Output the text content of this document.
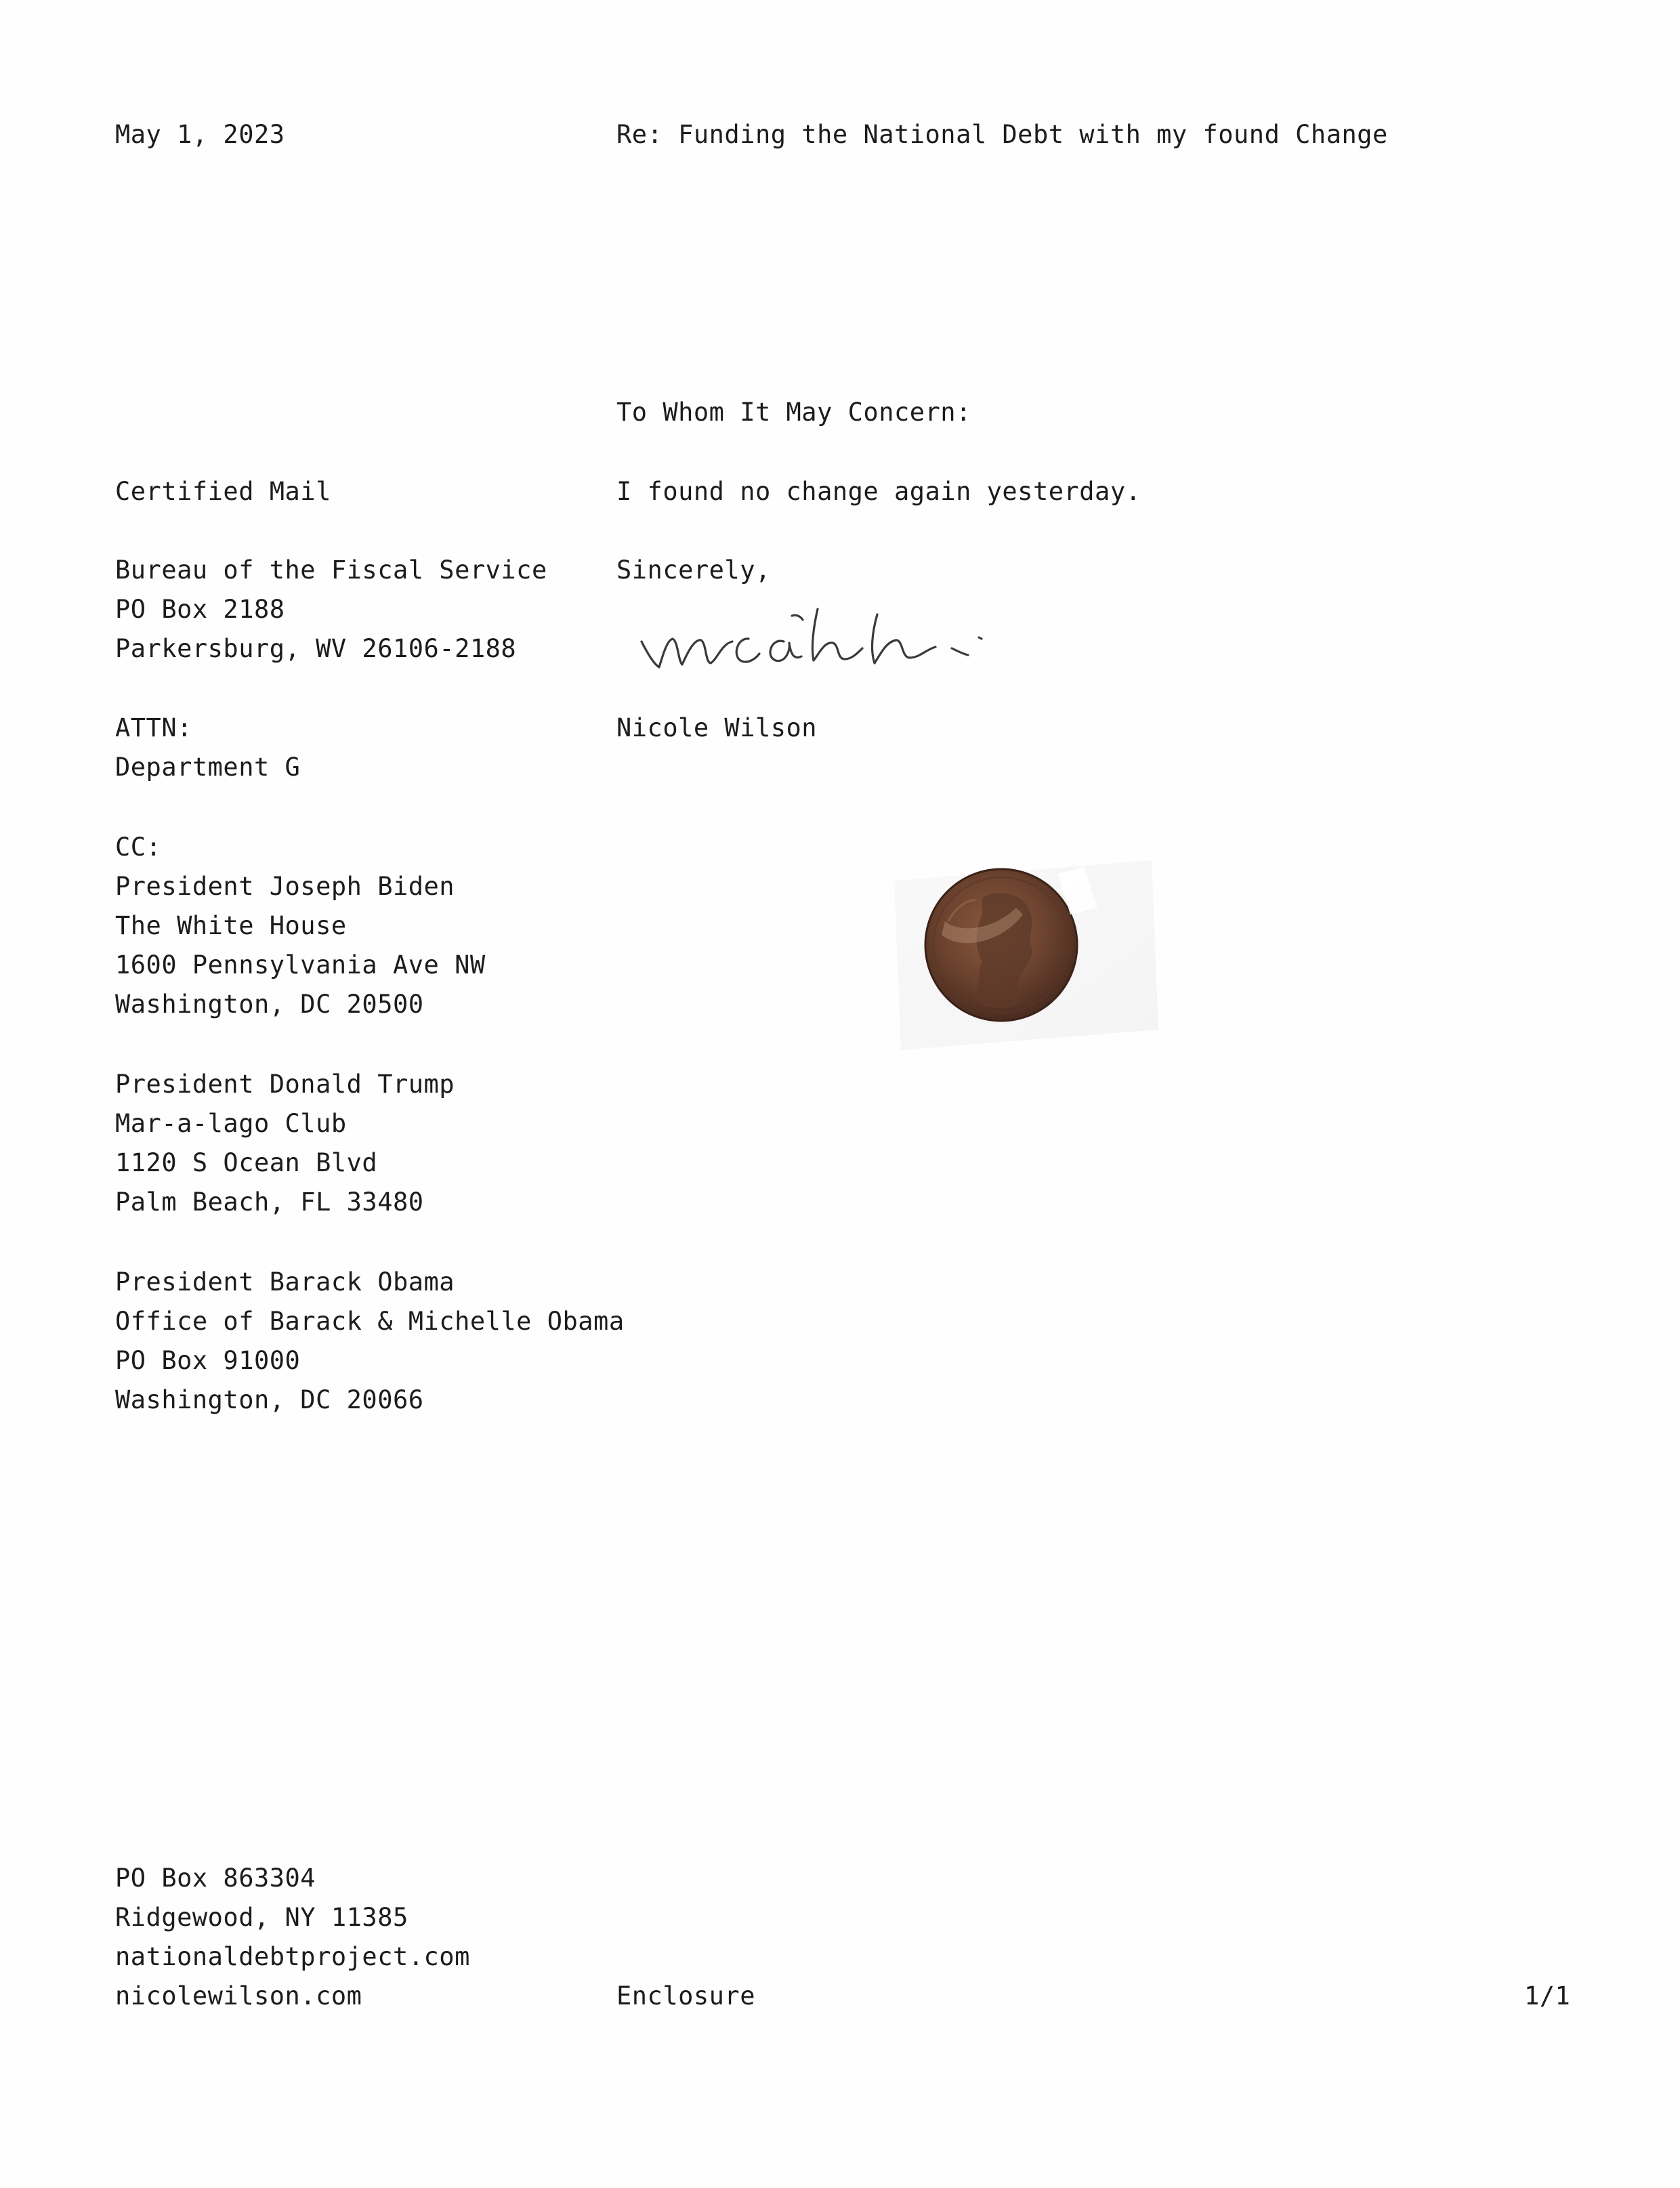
May 1, 2023	Re: Funding the National Debt with my found Change
To Whom It May Concern:
I found no change again yesterday.
Sincerely,
Nicole Wilson
Certified Mail
Bureau of the Fiscal Service
PO Box 2188
Parkersburg, WV 26106-2188
ATTN:
Department G
CC:
President Joseph Biden
The White House
1600 Pennsylvania Ave NW
Washington, DC 20500
President Donald Trump
Mar-a-lago Club
1120 S Ocean Blvd
Palm Beach, FL 33480
President Barack Obama
Office of Barack & Michelle Obama
PO Box 91000
Washington, DC 20066
PO Box 863304
Ridgewood, NY 11385
nationaldebtproject.com
nicolewilson.com	Enclosure	1/1
